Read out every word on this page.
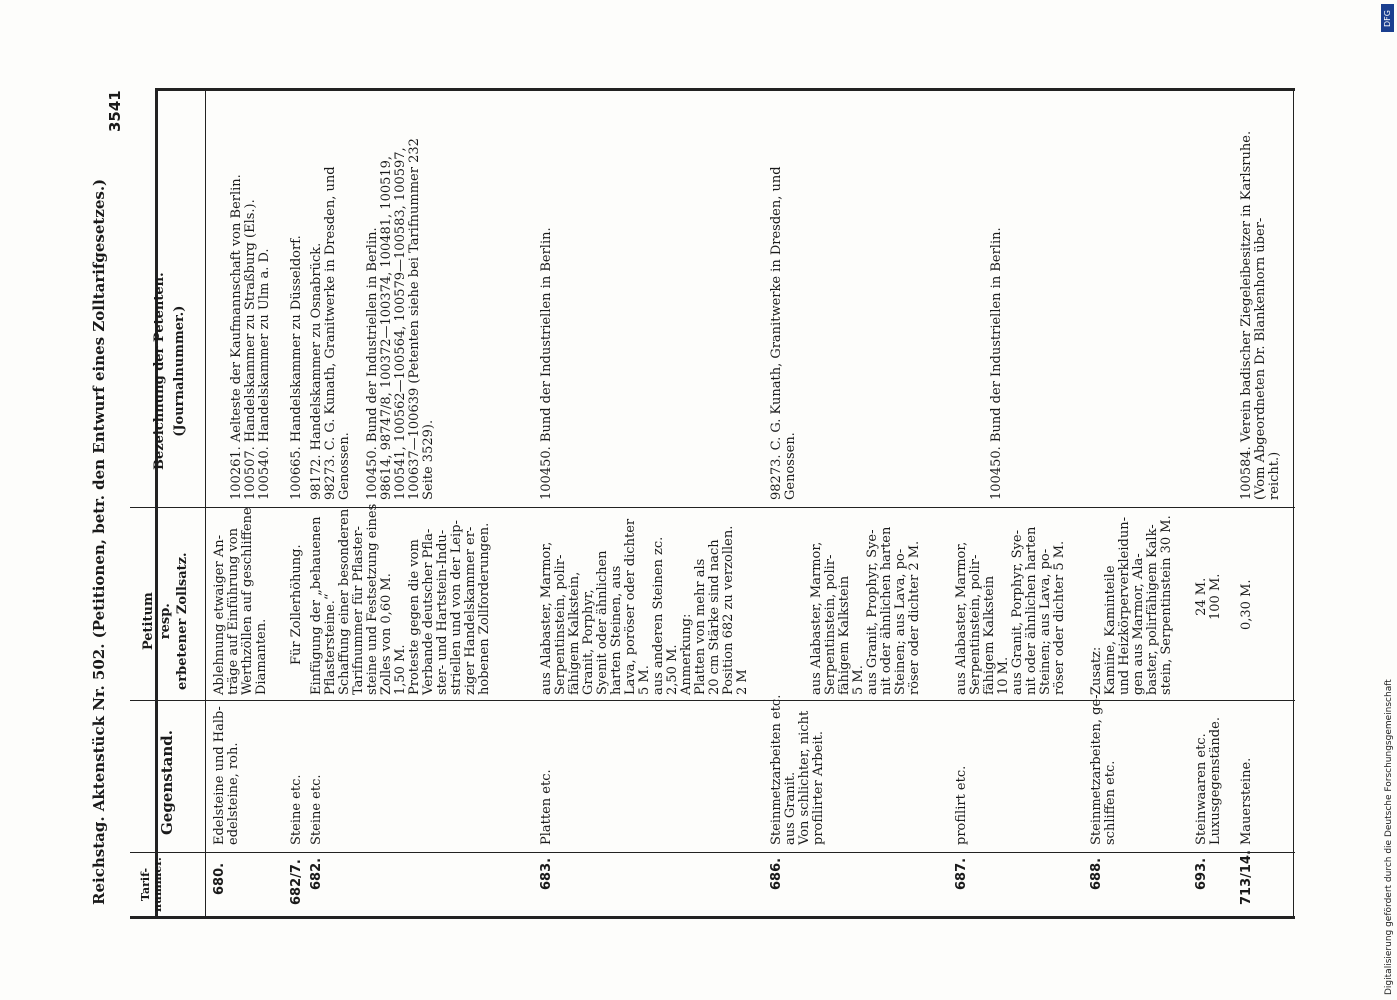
Reichstag. Aktenstück Nr. 502. (Petitionen, betr. den Entwurf eines Zolltarifgesetzes.)
3541
Tarif-
nummer.
Gegenstand.
Petitum
resp.
erbetener Zollsatz.
Bezeichnung der Petenten.
(Journalnummer.)
680.
Edelsteine und Halb-
edelsteine, roh.
Ablehnung etwaiger An-
träge auf Einführung von
Werthzöllen auf geschliffene
Diamanten.
100261. Aelteste der Kaufmannschaft von Berlin.
100507. Handelskammer zu Straßburg (Els.).
100540. Handelskammer zu Ulm a. D.
682/7.
Steine etc.
Für Zollerhöhung.
100665. Handelskammer zu Düsseldorf.
682.
Steine etc.
Einfügung der „behauenen
Pflastersteine.“
Schaffung einer besonderen
Tarifnummer für Pflaster-
steine und Festsetzung eines
Zolles von 0,60 M.
1,50 M.
Proteste gegen die vom
Verbande deutscher Pfla-
ster- und Hartstein-Indu-
striellen und von der Leip-
ziger Handelskammer er-
hobenen Zollforderungen.
98172. Handelskammer zu Osnabrück.
98273. C. G. Kunath, Granitwerke in Dresden, und
Genossen.

100450. Bund der Industriellen in Berlin.
98614, 98747/8, 100372—100374, 100481, 100519,
100541, 100562—100564, 100579—100583, 100597,
100637—100639 (Petenten siehe bei Tarifnummer 232
Seite 3529).
683.
Platten etc.
aus Alabaster, Marmor,
Serpentinstein, polir-
fähigem Kalkstein,
Granit, Porphyr,
Syenit oder ähnlichen
harten Steinen, aus
Lava, poröser oder dichter
5 M.
aus anderen Steinen zc.
2,50 M.
Anmerkung:
Platten von mehr als
20 cm Stärke sind nach
Position 682 zu verzollen.
2 M
100450. Bund der Industriellen in Berlin.
686.
Steinmetzarbeiten etc.
aus Granit.
Von schlichter, nicht
profilirter Arbeit.
aus Alabaster, Marmor,
Serpentinstein, polir-
fähigem Kalkstein
5 M.
aus Granit, Prophyr, Sye-
nit oder ähnlichen harten
Steinen; aus Lava, po-
röser oder dichter 2 M.
98273. C. G. Kunath, Granitwerke in Dresden, und
Genossen.
687.
profilirt etc.
aus Alabaster, Marmor,
Serpentinstein, polir-
fähigem Kalkstein
10 M.
aus Granit, Porphyr, Sye-
nit oder ähnlichen harten
Steinen; aus Lava, po-
röser oder dichter 5 M.
100450. Bund der Industriellen in Berlin.
688.
Steinmetzarbeiten, ge-
schliffen etc.
Zusatz:
Kamine, Kaminteile
und Heizkörperverkleidun-
gen aus Marmor, Ala-
baster, polirfähigem Kalk-
stein, Serpentinstein 30 M.
693.
Steinwaaren etc.
Luxusgegenstände.
24 M.
100 M.
713/14.
Mauersteine.
0,30 M.
100584. Verein badischer Ziegeleibesitzer in Karlsruhe.
(Vom Abgeordneten Dr. Blankenhorn über-
reicht.)
Digitalisierung gefördert durch die Deutsche Forschungsgemeinschaft
DFG
